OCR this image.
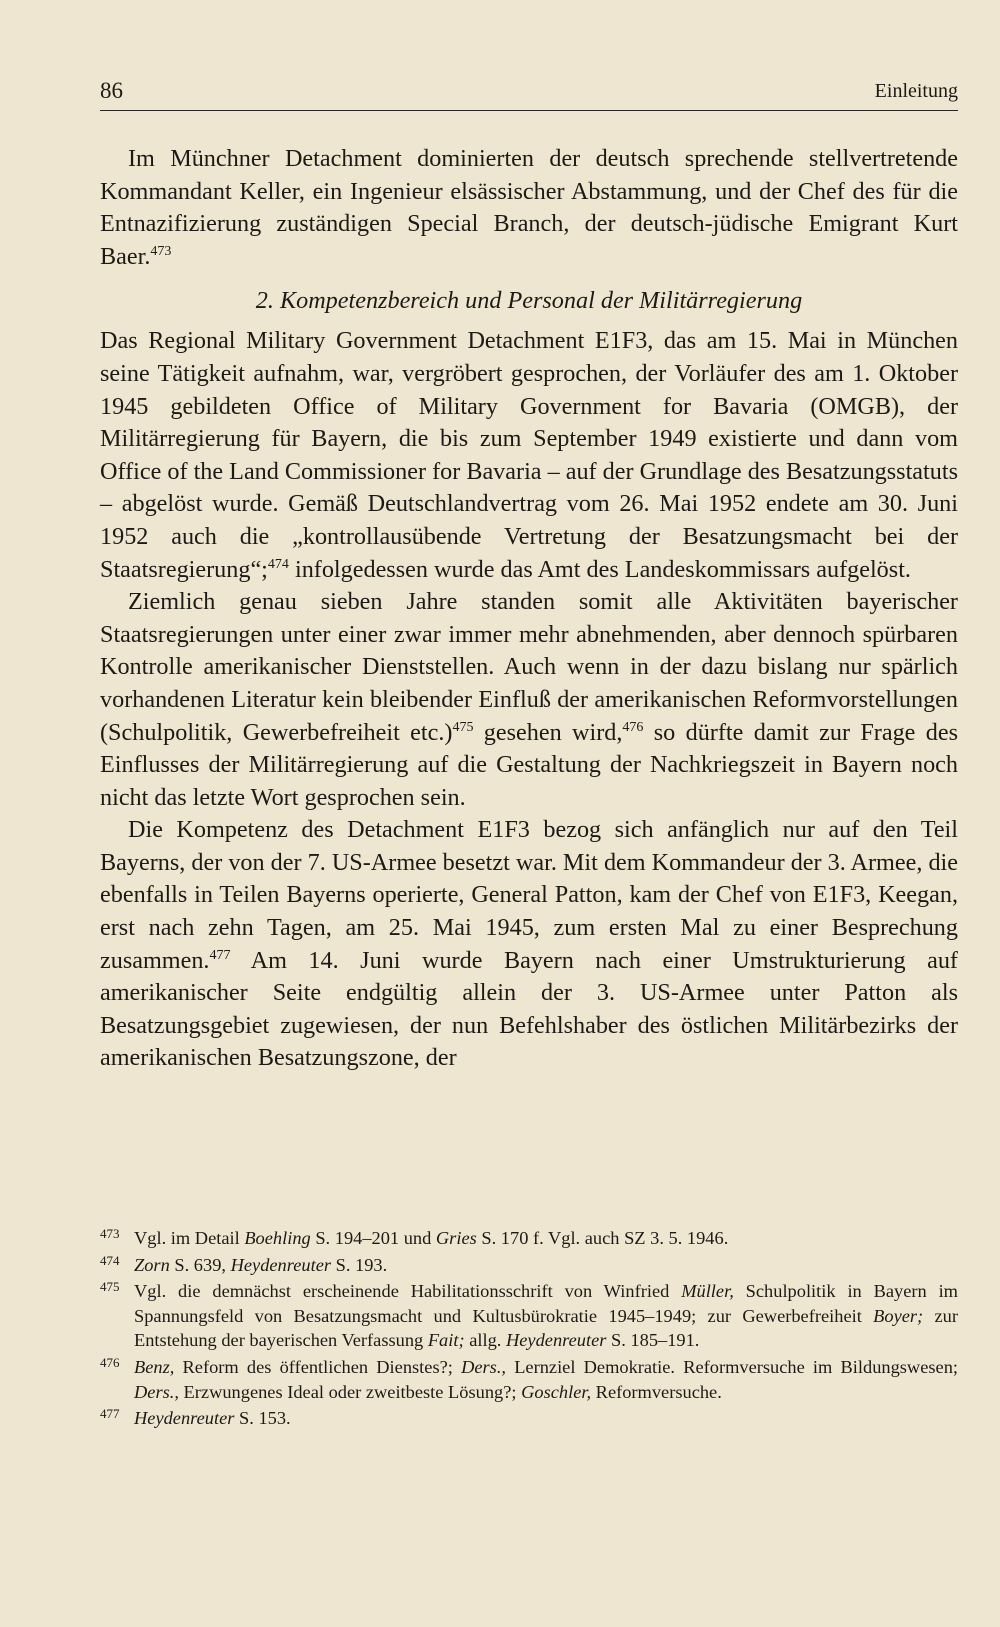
86	Einleitung

Im Münchner Detachment dominierten der deutsch sprechende stellvertretende Kommandant Keller, ein Ingenieur elsässischer Abstammung, und der Chef des für die Entnazifizierung zuständigen Special Branch, der deutsch-jüdische Emigrant Kurt Baer.$^{473}$

2. Kompetenzbereich und Personal der Militärregierung

Das Regional Military Government Detachment E1F3, das am 15. Mai in München seine Tätigkeit aufnahm, war, vergröbert gesprochen, der Vorläufer des am 1. Oktober 1945 gebildeten Office of Military Government for Bavaria (OMGB), der Militärregierung für Bayern, die bis zum September 1949 existierte und dann vom Office of the Land Commissioner for Bavaria – auf der Grundlage des Besatzungsstatuts – abgelöst wurde. Gemäß Deutschlandvertrag vom 26. Mai 1952 endete am 30. Juni 1952 auch die „kontrollausübende Vertretung der Besatzungsmacht bei der Staatsregierung“;$^{474}$ infolgedessen wurde das Amt des Landeskommissars aufgelöst.

Ziemlich genau sieben Jahre standen somit alle Aktivitäten bayerischer Staatsregierungen unter einer zwar immer mehr abnehmenden, aber dennoch spürbaren Kontrolle amerikanischer Dienststellen. Auch wenn in der dazu bislang nur spärlich vorhandenen Literatur kein bleibender Einfluß der amerikanischen Reformvorstellungen (Schulpolitik, Gewerbefreiheit etc.)$^{475}$ gesehen wird,$^{476}$ so dürfte damit zur Frage des Einflusses der Militärregierung auf die Gestaltung der Nachkriegszeit in Bayern noch nicht das letzte Wort gesprochen sein.

Die Kompetenz des Detachment E1F3 bezog sich anfänglich nur auf den Teil Bayerns, der von der 7. US-Armee besetzt war. Mit dem Kommandeur der 3. Armee, die ebenfalls in Teilen Bayerns operierte, General Patton, kam der Chef von E1F3, Keegan, erst nach zehn Tagen, am 25. Mai 1945, zum ersten Mal zu einer Besprechung zusammen.$^{477}$ Am 14. Juni wurde Bayern nach einer Umstrukturierung auf amerikanischer Seite endgültig allein der 3. US-Armee unter Patton als Besatzungsgebiet zugewiesen, der nun Befehlshaber des östlichen Militärbezirks der amerikanischen Besatzungszone, der

473 Vgl. im Detail Boehling S. 194–201 und Gries S. 170 f. Vgl. auch SZ 3. 5. 1946.
474 Zorn S. 639, Heydenreuter S. 193.
475 Vgl. die demnächst erscheinende Habilitationsschrift von Winfried Müller, Schulpolitik in Bayern im Spannungsfeld von Besatzungsmacht und Kultusbürokratie 1945–1949; zur Gewerbefreiheit Boyer; zur Entstehung der bayerischen Verfassung Fait; allg. Heydenreuter S. 185–191.
476 Benz, Reform des öffentlichen Dienstes?; Ders., Lernziel Demokratie. Reformversuche im Bildungswesen; Ders., Erzwungenes Ideal oder zweitbeste Lösung?; Goschler, Reformversuche.
477 Heydenreuter S. 153.
